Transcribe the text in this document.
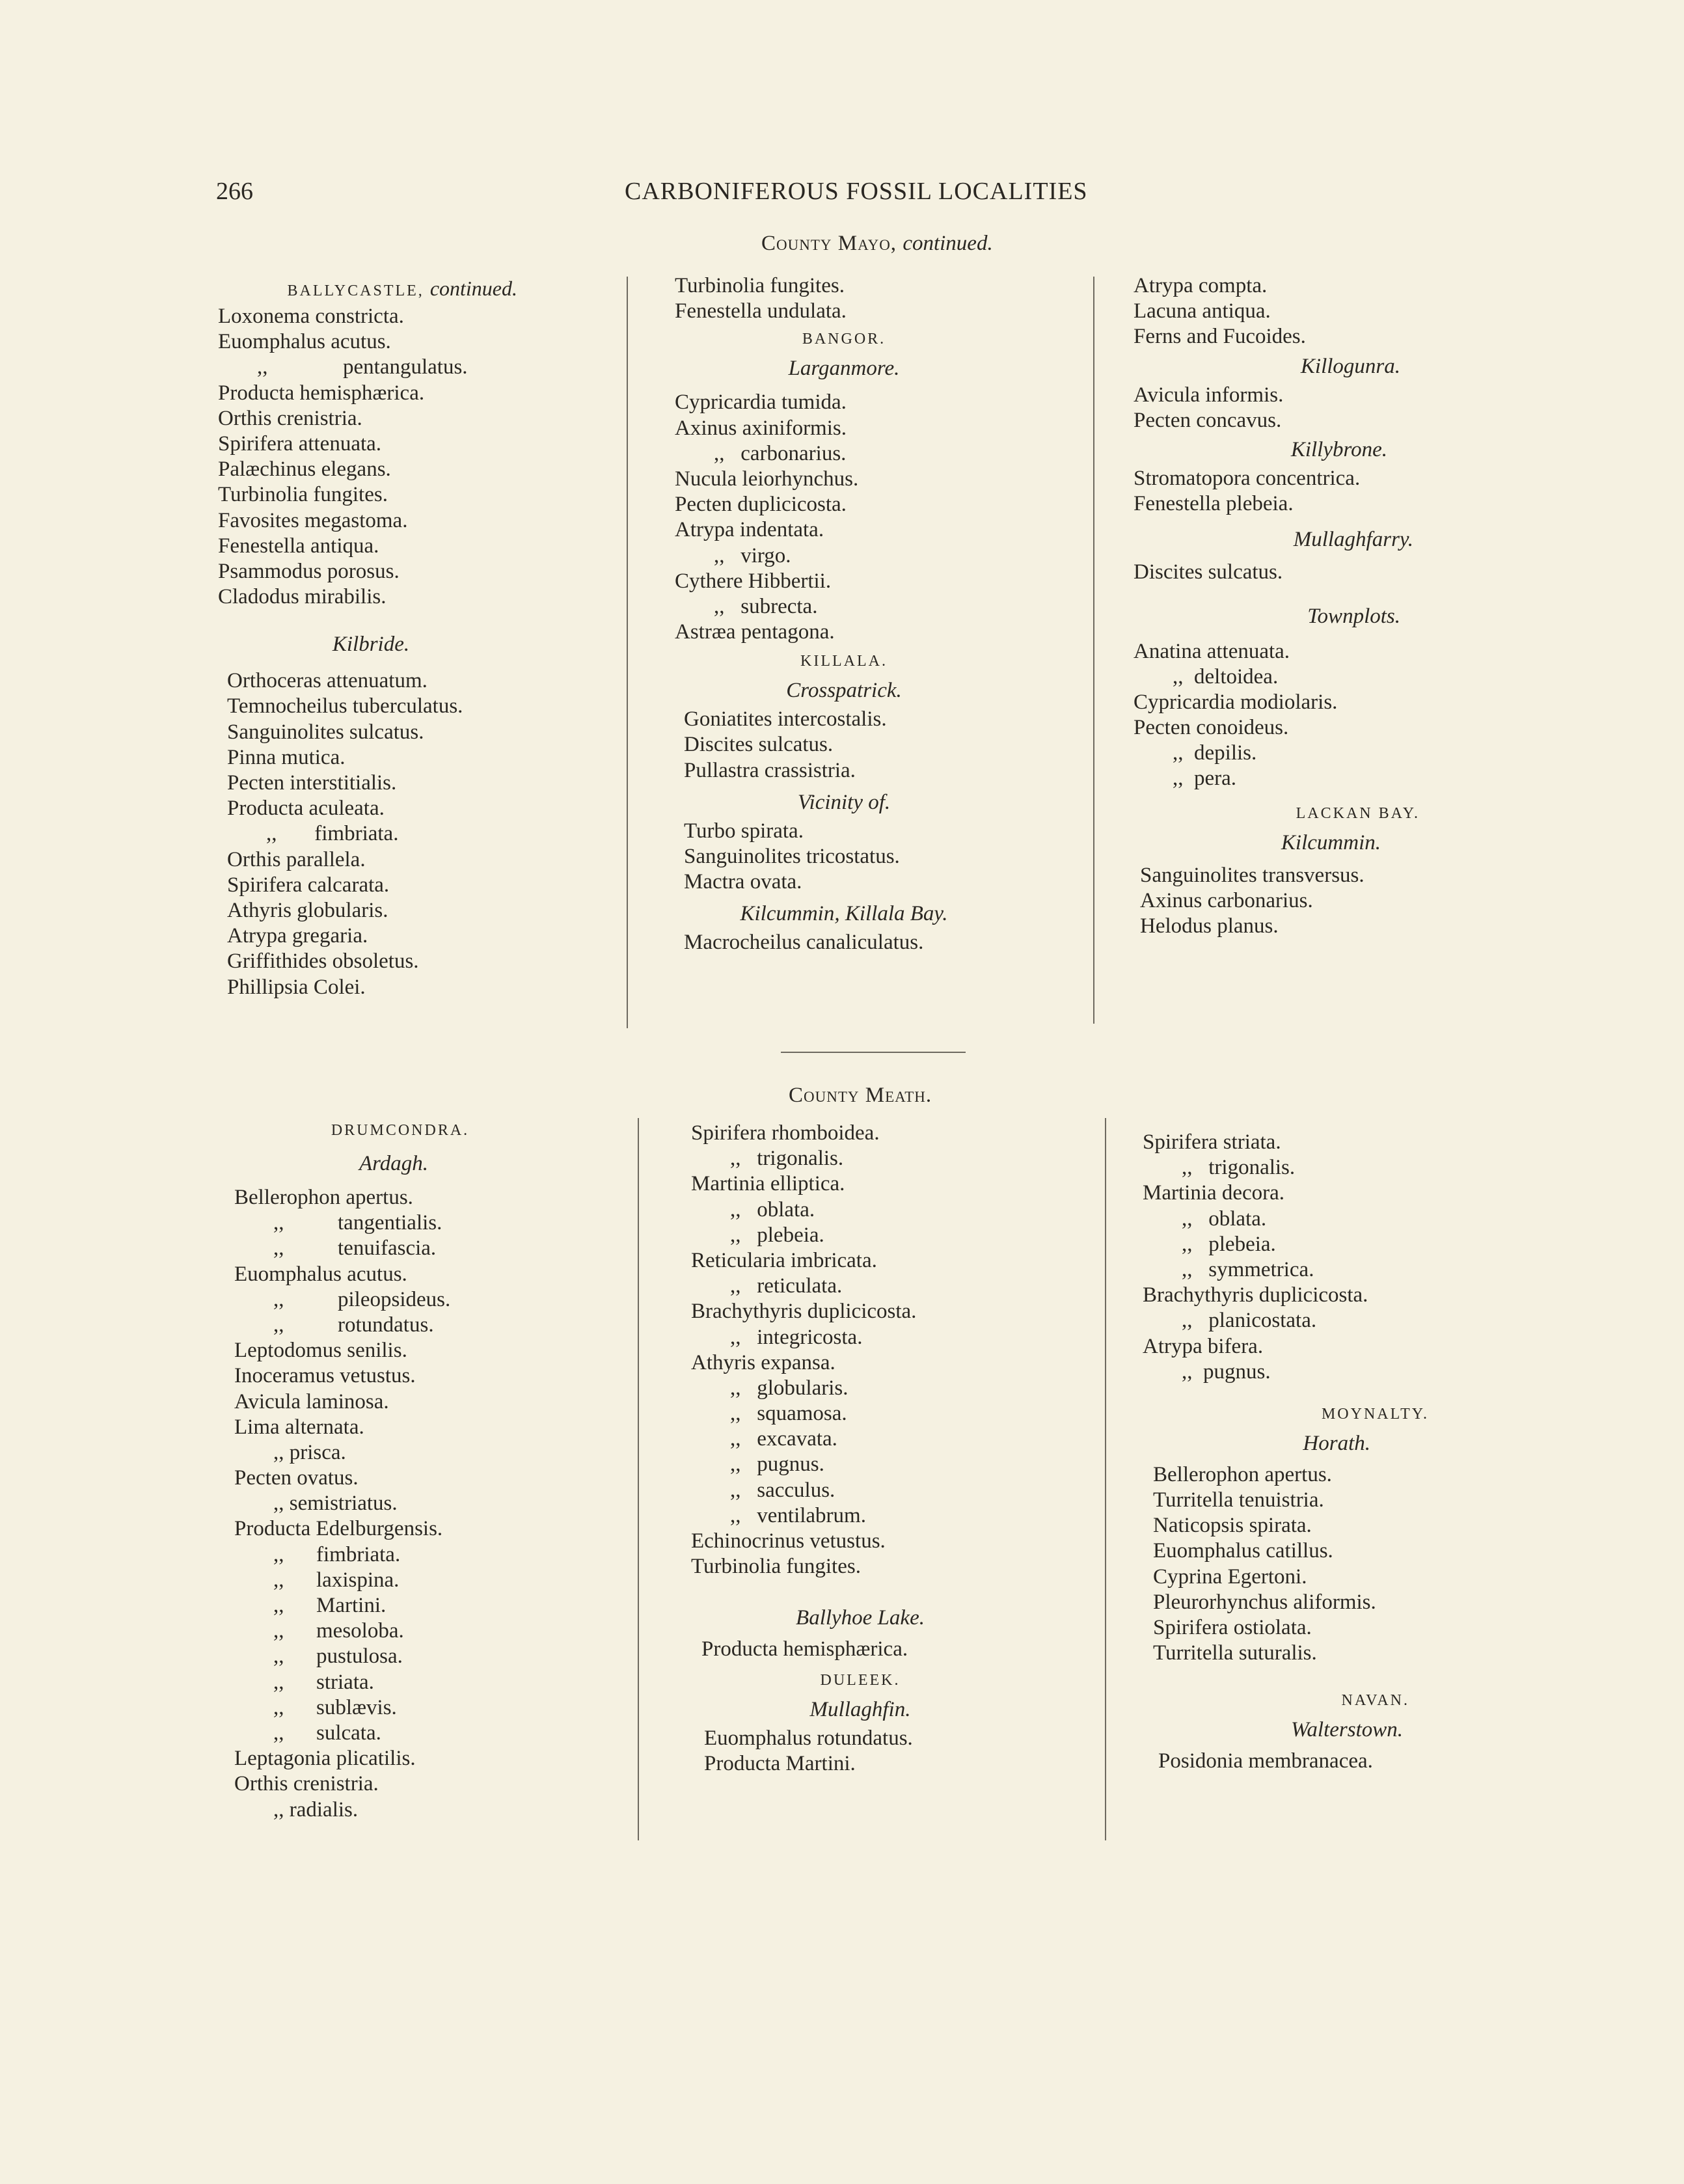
266	CARBONIFEROUS FOSSIL LOCALITIES
County Mayo, continued.
BALLYCASTLE, continued.
Loxonema constricta.
Euomphalus acutus.
,,              pentangulatus.
Producta hemisphærica.
Orthis crenistria.
Spirifera attenuata.
Palæchinus elegans.
Turbinolia fungites.
Favosites megastoma.
Fenestella antiqua.
Psammodus porosus.
Cladodus mirabilis.
Kilbride.
Orthoceras attenuatum.
Temnocheilus tuberculatus.
Sanguinolites sulcatus.
Pinna mutica.
Pecten interstitialis.
Producta aculeata.
,,       fimbriata.
Orthis parallela.
Spirifera calcarata.
Athyris globularis.
Atrypa gregaria.
Griffithides obsoletus.
Phillipsia Colei.
Turbinolia fungites.
Fenestella undulata.
BANGOR.
Larganmore.
Cypricardia tumida.
Axinus axiniformis.
,,   carbonarius.
Nucula leiorhynchus.
Pecten duplicicosta.
Atrypa indentata.
,,   virgo.
Cythere Hibbertii.
,,   subrecta.
Astræa pentagona.
KILLALA.
Crosspatrick.
Goniatites intercostalis.
Discites sulcatus.
Pullastra crassistria.
Vicinity of.
Turbo spirata.
Sanguinolites tricostatus.
Mactra ovata.
Kilcummin, Killala Bay.
Macrocheilus canaliculatus.
Atrypa compta.
Lacuna antiqua.
Ferns and Fucoides.
Killogunra.
Avicula informis.
Pecten concavus.
Killybrone.
Stromatopora concentrica.
Fenestella plebeia.
Mullaghfarry.
Discites sulcatus.
Townplots.
Anatina attenuata.
,,  deltoidea.
Cypricardia modiolaris.
Pecten conoideus.
,,  depilis.
,,  pera.
LACKAN BAY.
Kilcummin.
Sanguinolites transversus.
Axinus carbonarius.
Helodus planus.
County Meath.
DRUMCONDRA.
Ardagh.
Bellerophon apertus.
,,          tangentialis.
,,          tenuifascia.
Euomphalus acutus.
,,          pileopsideus.
,,          rotundatus.
Leptodomus senilis.
Inoceramus vetustus.
Avicula laminosa.
Lima alternata.
,, prisca.
Pecten ovatus.
,, semistriatus.
Producta Edelburgensis.
,,      fimbriata.
,,      laxispina.
,,      Martini.
,,      mesoloba.
,,      pustulosa.
,,      striata.
,,      sublævis.
,,      sulcata.
Leptagonia plicatilis.
Orthis crenistria.
,, radialis.
Spirifera rhomboidea.
,,   trigonalis.
Martinia elliptica.
,,   oblata.
,,   plebeia.
Reticularia imbricata.
,,   reticulata.
Brachythyris duplicicosta.
,,   integricosta.
Athyris expansa.
,,   globularis.
,,   squamosa.
,,   excavata.
,,   pugnus.
,,   sacculus.
,,   ventilabrum.
Echinocrinus vetustus.
Turbinolia fungites.
Ballyhoe Lake.
Producta hemisphærica.
DULEEK.
Mullaghfin.
Euomphalus rotundatus.
Producta Martini.
Spirifera striata.
,,   trigonalis.
Martinia decora.
,,   oblata.
,,   plebeia.
,,   symmetrica.
Brachythyris duplicicosta.
,,   planicostata.
Atrypa bifera.
,,  pugnus.
MOYNALTY.
Horath.
Bellerophon apertus.
Turritella tenuistria.
Naticopsis spirata.
Euomphalus catillus.
Cyprina Egertoni.
Pleurorhynchus aliformis.
Spirifera ostiolata.
Turritella suturalis.
NAVAN.
Walterstown.
Posidonia membranacea.
